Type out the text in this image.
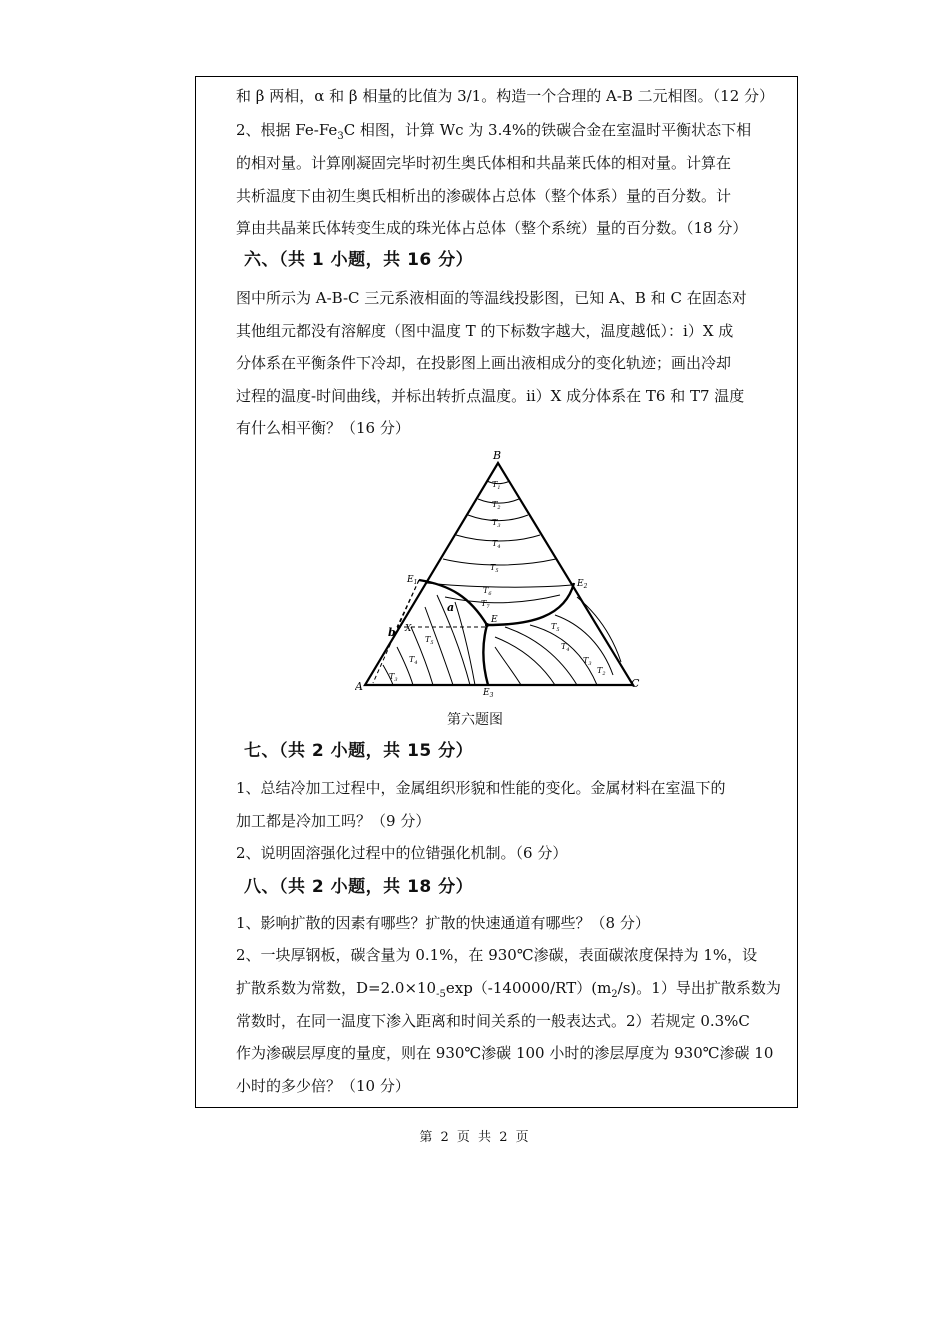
和 β 两相，α 和 β 相量的比值为 3/1。构造一个合理的 A-B 二元相图。（12 分）
2、根据 $Fe-Fe_3C$ 相图，计算 Wc 为 3.4%的铁碳合金在室温时平衡状态下相
的相对量。计算刚凝固完毕时初生奥氏体相和共晶莱氏体的相对量。计算在
共析温度下由初生奥氏相析出的渗碳体占总体（整个体系）量的百分数。计
算由共晶莱氏体转变生成的珠光体占总体（整个系统）量的百分数。（18 分）
六、（共 1 小题，共 16 分）
图中所示为 A-B-C 三元系液相面的等温线投影图，已知 A、B 和 C 在固态对
其他组元都没有溶解度（图中温度 T 的下标数字越大，温度越低）：i）X 成
分体系在平衡条件下冷却，在投影图上画出液相成分的变化轨迹；画出冷却
过程的温度-时间曲线，并标出转折点温度。ii）X 成分体系在 T6 和 T7 温度
有什么相平衡？（16 分）
B
A	C
$E_1$	$E_2$
$E_3$
E
X
a
b
$T_1$
$T_2$
$T_3$
$T_4$
$T_5$
$T_6$
$T_7$
$T_5$
$T_4$
$T_3$
$T_2$
$T_5$
$T_4$
$T_3$
第六题图
七、（共 2 小题，共 15 分）
1、总结冷加工过程中，金属组织形貌和性能的变化。金属材料在室温下的
加工都是冷加工吗？（9 分）
2、说明固溶强化过程中的位错强化机制。（6 分）
八、（共 2 小题，共 18 分）
1、影响扩散的因素有哪些？扩散的快速通道有哪些？（8 分）
2、一块厚钢板，碳含量为 0.1%，在 930℃渗碳，表面碳浓度保持为 1%，设
扩散系数为常数，$D=2.0\times 10_{-5}\exp(-140000/RT)(m_2/s)$。1）导出扩散系数为
常数时，在同一温度下渗入距离和时间关系的一般表达式。2）若规定 0.3%C
作为渗碳层厚度的量度，则在 930℃渗碳 100 小时的渗层厚度为 930℃渗碳 10
小时的多少倍？（10 分）
第 2 页 共 2 页
